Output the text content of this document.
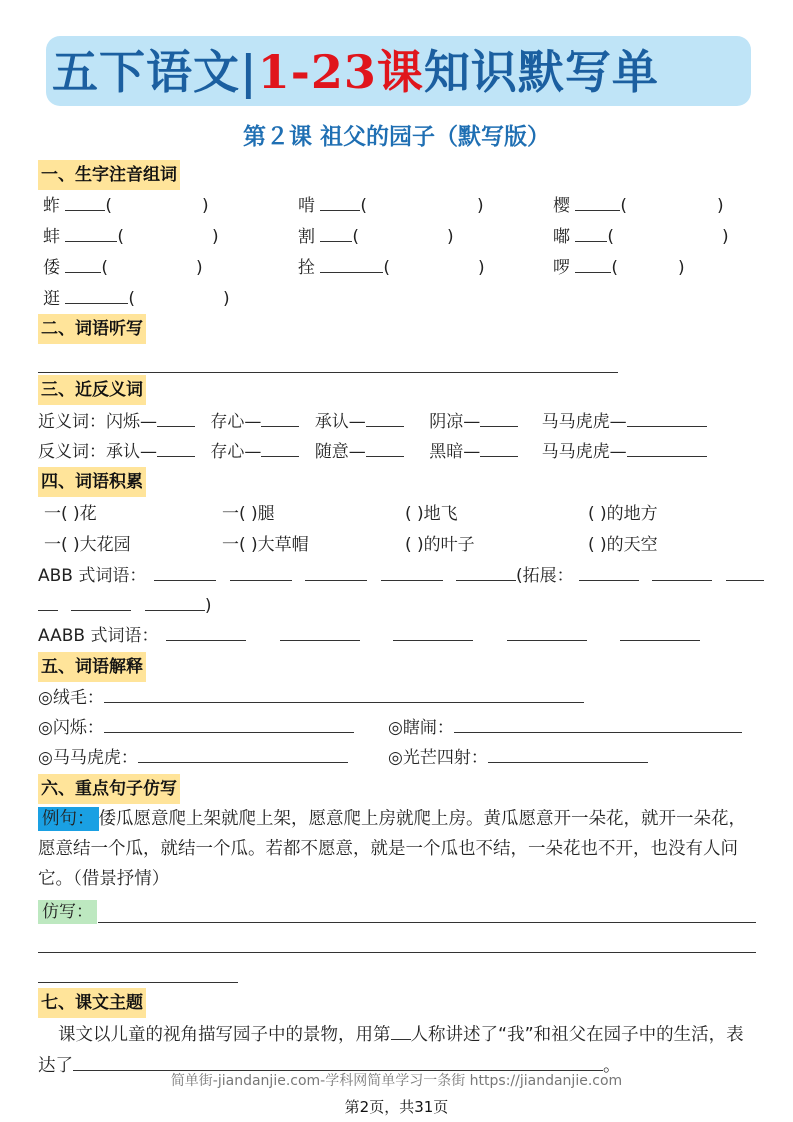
五下语文|1-23课知识默写单
第２课 祖父的园子（默写版）
一、生字注音组词
蚱	(	)	啃	(	)	樱	(	)
蚌	(	)	割 (	)	嘟 (	)
倭 (	)	拴	(	)	啰 (	)
逛	(	)
二、词语听写
三、近反义词
近义词：闪烁—	存心—	承认—	阴凉—	马马虎虎—
反义词：承认—	存心—	随意—	黑暗—	马马虎虎—
四、词语积累
一( )花	一( )腿	( )地飞	( )的地方
一( )大花园	一( )大草帽	( )的叶子	( )的天空
ABB 式词语：	(拓展：
)
AABB 式词语：
五、词语解释
◎绒毛：
◎闪烁：	◎瞎闹：
◎马马虎虎：	◎光芒四射：
六、重点句子仿写
例句： 倭瓜愿意爬上架就爬上架，愿意爬上房就爬上房。黄瓜愿意开一朵花，就开一朵花，愿意结一个瓜，就结一个瓜。若都不愿意，就是一个瓜也不结，一朵花也不开，也没有人问它。（借景抒情）
仿写：
七、课文主题
课文以儿童的视角描写园子中的景物，用第 人称讲述了“我”和祖父在园子中的生活，表达了	。
简单街-jiandanjie.com-学科网简单学习一条街 https://jiandanjie.com
第2页，共31页
